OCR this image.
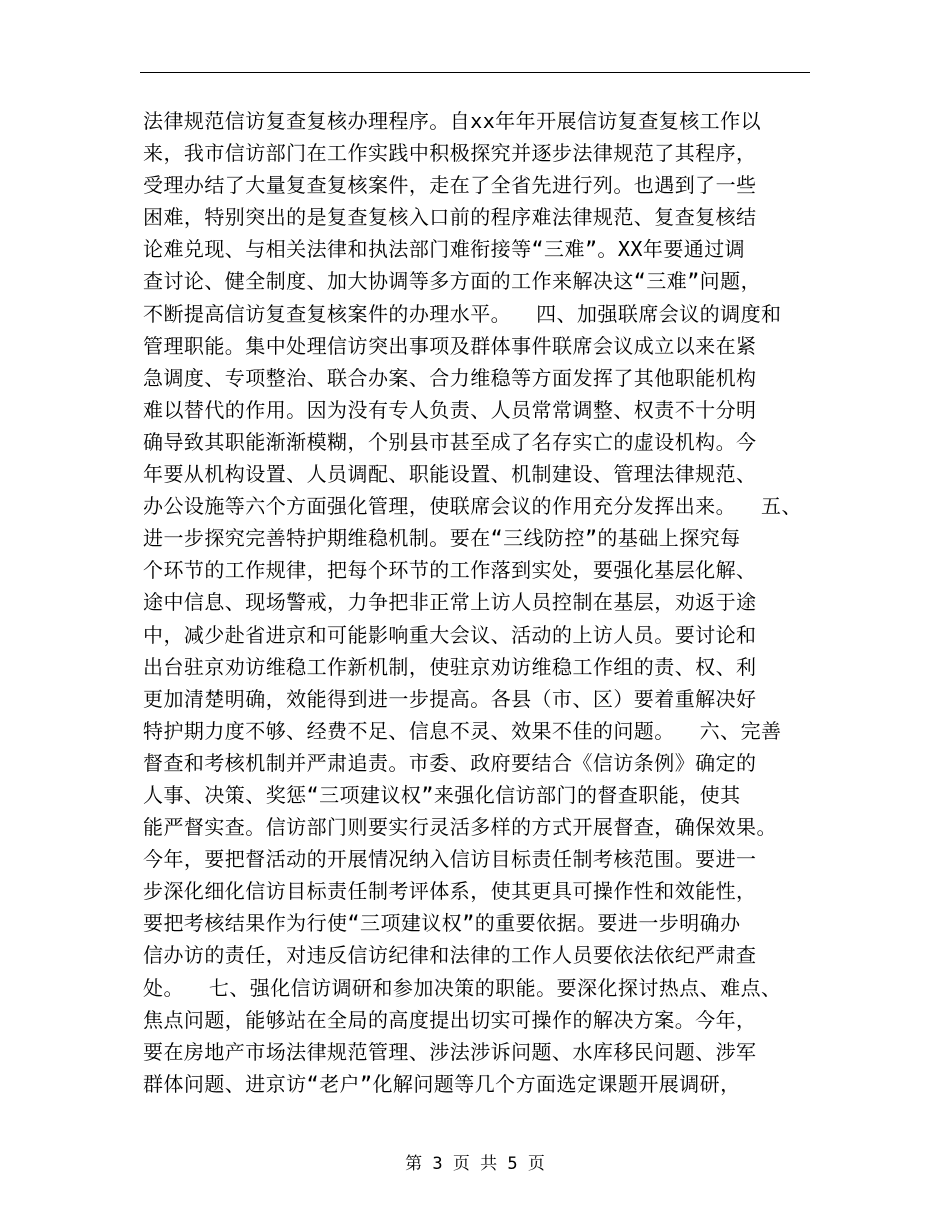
法律规范信访复查复核办理程序。自xx年年开展信访复查复核工作以
来，我市信访部门在工作实践中积极探究并逐步法律规范了其程序，
受理办结了大量复查复核案件，走在了全省先进行列。也遇到了一些
困难，特别突出的是复查复核入口前的程序难法律规范、复查复核结
论难兑现、与相关法律和执法部门难衔接等“三难”。XX年要通过调
查讨论、健全制度、加大协调等多方面的工作来解决这“三难”问题，
不断提高信访复查复核案件的办理水平。  四、加强联席会议的调度和
管理职能。集中处理信访突出事项及群体事件联席会议成立以来在紧
急调度、专项整治、联合办案、合力维稳等方面发挥了其他职能机构
难以替代的作用。因为没有专人负责、人员常常调整、权责不十分明
确导致其职能渐渐模糊，个别县市甚至成了名存实亡的虚设机构。今
年要从机构设置、人员调配、职能设置、机制建设、管理法律规范、
办公设施等六个方面强化管理，使联席会议的作用充分发挥出来。  五、
进一步探究完善特护期维稳机制。要在“三线防控”的基础上探究每
个环节的工作规律，把每个环节的工作落到实处，要强化基层化解、
途中信息、现场警戒，力争把非正常上访人员控制在基层，劝返于途
中，减少赴省进京和可能影响重大会议、活动的上访人员。要讨论和
出台驻京劝访维稳工作新机制，使驻京劝访维稳工作组的责、权、利
更加清楚明确，效能得到进一步提高。各县（市、区）要着重解决好
特护期力度不够、经费不足、信息不灵、效果不佳的问题。  六、完善
督查和考核机制并严肃追责。市委、政府要结合《信访条例》确定的
人事、决策、奖惩“三项建议权”来强化信访部门的督查职能，使其
能严督实查。信访部门则要实行灵活多样的方式开展督查，确保效果。
今年，要把督活动的开展情况纳入信访目标责任制考核范围。要进一
步深化细化信访目标责任制考评体系，使其更具可操作性和效能性，
要把考核结果作为行使“三项建议权”的重要依据。要进一步明确办
信办访的责任，对违反信访纪律和法律的工作人员要依法依纪严肃查
处。  七、强化信访调研和参加决策的职能。要深化探讨热点、难点、
焦点问题，能够站在全局的高度提出切实可操作的解决方案。今年，
要在房地产市场法律规范管理、涉法涉诉问题、水库移民问题、涉军
群体问题、进京访“老户”化解问题等几个方面选定课题开展调研，
第 3 页 共 5 页
